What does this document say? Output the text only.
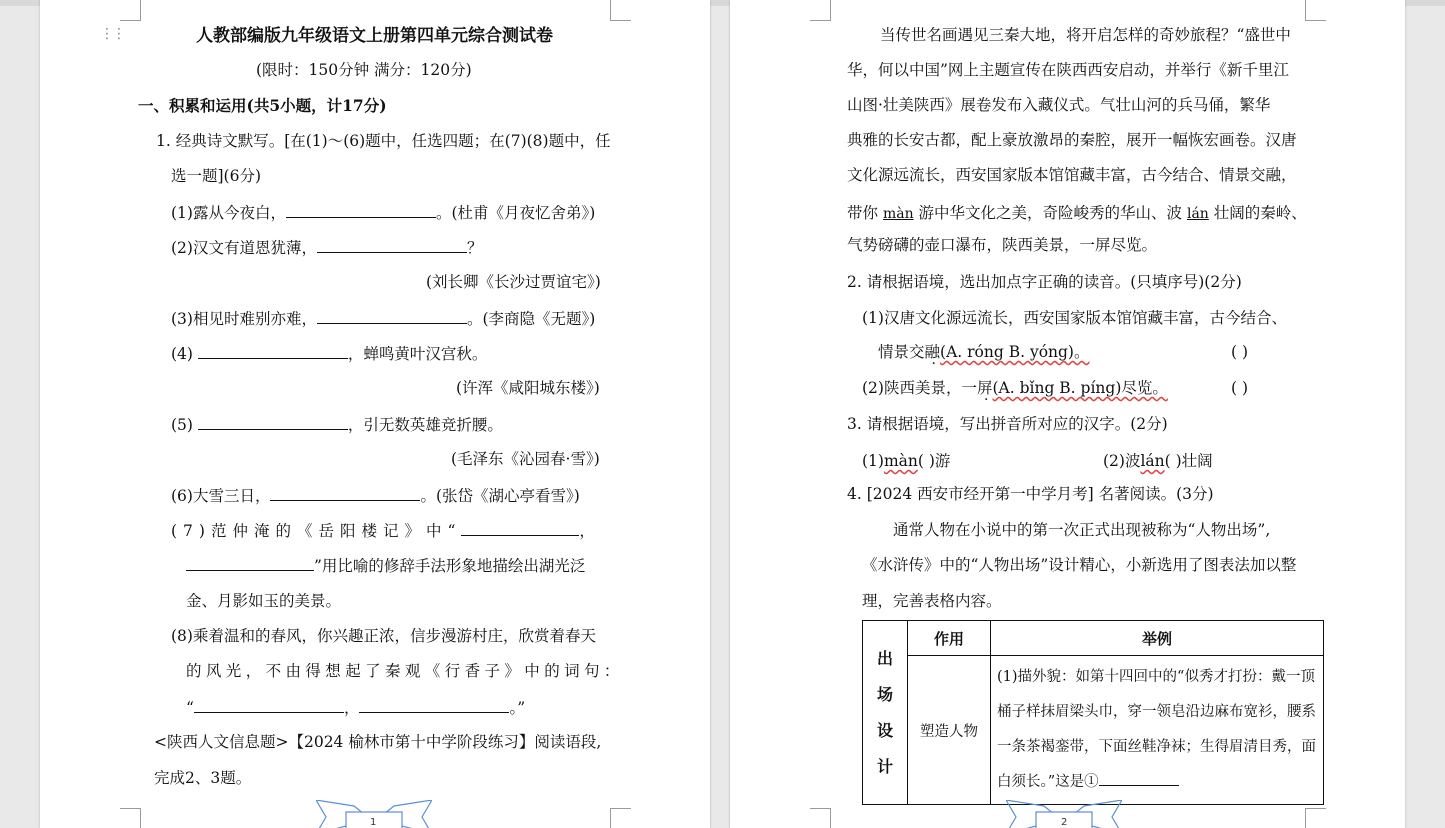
⋮⋮	人教部编版九年级语文上册第四单元综合测试卷
(限时：150分钟 满分：120分)
一、积累和运用(共5小题，计17分)
1. 经典诗文默写。[在(1)～(6)题中，任选四题；在(7)(8)题中，任
选一题](6分)
(1)露从今夜白，	。(杜甫《月夜忆舍弟》)
(2)汉文有道恩犹薄，	？
(刘长卿《长沙过贾谊宅》)
(3)相见时难别亦难，	。(李商隐《无题》)
(4)	，蝉鸣黄叶汉宫秋。
(许浑《咸阳城东楼》)
(5)	，引无数英雄竞折腰。
(毛泽东《沁园春·雪》)
(6)大雪三日，	。(张岱《湖心亭看雪》)
(7)范仲淹的《岳阳楼记》中“	，
”用比喻的修辞手法形象地描绘出湖光泛
金、月影如玉的美景。
(8)乘着温和的春风，你兴趣正浓，信步漫游村庄，欣赏着春天
的风光，不由得想起了秦观《行香子》中的词句：
“	，	。”
<陕西人文信息题>【2024 榆林市第十中学阶段练习】阅读语段,
完成2、3题。
1
当传世名画遇见三秦大地，将开启怎样的奇妙旅程？“盛世中
华，何以中国”网上主题宣传在陕西西安启动，并举行《新千里江
山图·壮美陕西》展卷发布入藏仪式。气壮山河的兵马俑，繁华
典雅的长安古都，配上豪放激昂的秦腔，展开一幅恢宏画卷。汉唐
文化源远流长，西安国家版本馆馆藏丰富，古今结合、情景交融，
带你 màn 游中华文化之美，奇险峻秀的华山、波 lán 壮阔的秦岭、
气势磅礴的壶口瀑布，陕西美景，一屏尽览。
2. 请根据语境，选出加点字正确的读音。(只填序号)(2分)
(1)汉唐文化源远流长，西安国家版本馆馆藏丰富，古今结合、
情景交融(A. róng B. yóng)。	( )
(2)陕西美景，一屏(A. bǐng B. píng)尽览。	( )
3. 请根据语境，写出拼音所对应的汉字。(2分)
(1)màn( )游	(2)波lán( )壮阔
4. [2024 西安市经开第一中学月考] 名著阅读。(3分)
通常人物在小说中的第一次正式出现被称为“人物出场”,
《水浒传》中的“人物出场”设计精心，小新选用了图表法加以整
理，完善表格内容。
出场设计	作用	举例
	塑造人物	(1)描外貌：如第十四回中的“似秀才打扮：戴一顶桶子样抹眉梁头巾，穿一领皂沿边麻布宽衫，腰系一条茶褐銮带，下面丝鞋净袜；生得眉清目秀，面白须长。”这是①
2
